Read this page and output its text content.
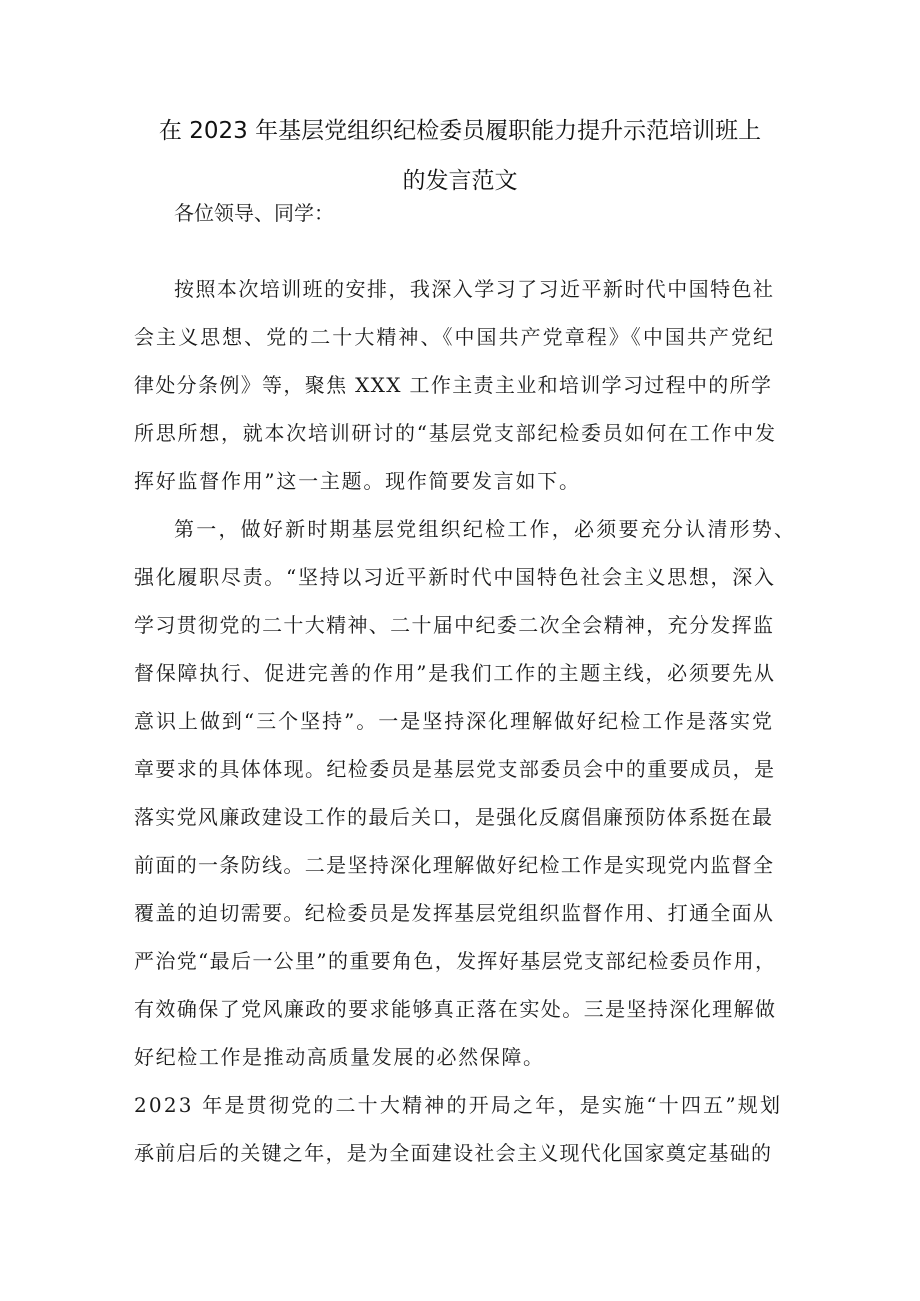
在 2023 年基层党组织纪检委员履职能力提升示范培训班上
的发言范文
各位领导、同学：
按照本次培训班的安排，我深入学习了习近平新时代中国特色社
会主义思想、党的二十大精神、《中国共产党章程》《中国共产党纪
律处分条例》等，聚焦 XXX 工作主责主业和培训学习过程中的所学
所思所想，就本次培训研讨的“基层党支部纪检委员如何在工作中发
挥好监督作用”这一主题。现作简要发言如下。
第一，做好新时期基层党组织纪检工作，必须要充分认清形势、
强化履职尽责。“坚持以习近平新时代中国特色社会主义思想，深入
学习贯彻党的二十大精神、二十届中纪委二次全会精神，充分发挥监
督保障执行、促进完善的作用”是我们工作的主题主线，必须要先从
意识上做到“三个坚持”。一是坚持深化理解做好纪检工作是落实党
章要求的具体体现。纪检委员是基层党支部委员会中的重要成员，是
落实党风廉政建设工作的最后关口，是强化反腐倡廉预防体系挺在最
前面的一条防线。二是坚持深化理解做好纪检工作是实现党内监督全
覆盖的迫切需要。纪检委员是发挥基层党组织监督作用、打通全面从
严治党“最后一公里”的重要角色，发挥好基层党支部纪检委员作用，
有效确保了党风廉政的要求能够真正落在实处。三是坚持深化理解做
好纪检工作是推动高质量发展的必然保障。
2023 年是贯彻党的二十大精神的开局之年，是实施“十四五”规划
承前启后的关键之年，是为全面建设社会主义现代化国家奠定基础的
